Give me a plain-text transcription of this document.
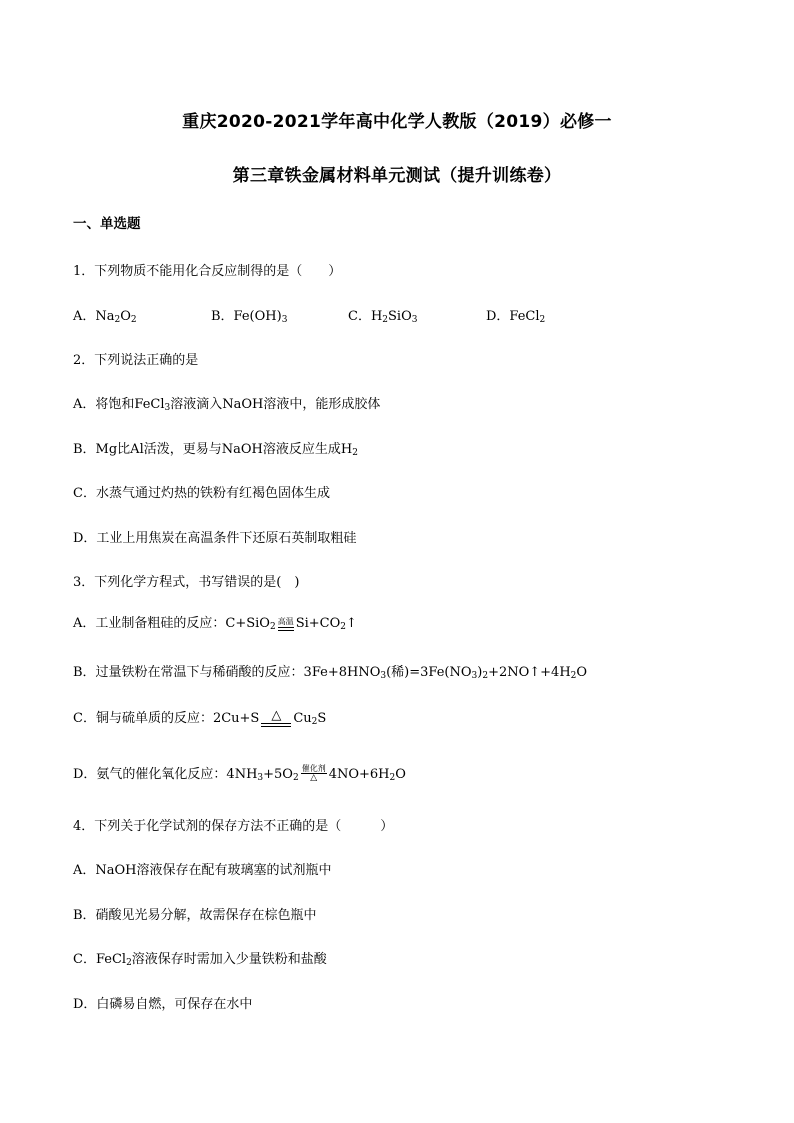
重庆2020-2021学年高中化学人教版（2019）必修一
第三章铁金属材料单元测试（提升训练卷）
一、单选题
1．下列物质不能用化合反应制得的是（　　）
A．$Na_2O_2$	B．$Fe(OH)_3$	C．$H_2SiO_3$	D．FeCl$_2$
2．下列说法正确的是
A．将饱和FeCl$_3$溶液滴入NaOH溶液中，能形成胶体
B．Mg比Al活泼，更易与NaOH溶液反应生成$H_2$
C．水蒸气通过灼热的铁粉有红褐色固体生成
D．工业上用焦炭在高温条件下还原石英制取粗硅
3．下列化学方程式，书写错误的是(　)
A．工业制备粗硅的反应：C+SiO$_2$
高温 $Si+CO_2↑$
B．过量铁粉在常温下与稀硝酸的反应：$3Fe+8HNO_3$(稀)$=3Fe(NO_3)_2+2NO↑+4H_2O$
C．铜与硫单质的反应：2Cu+S △ $Cu_2S$
D．氨气的催化氧化反应：$4NH_3+5O_2$
催化剂
△ $4NO+6H_2O$
4．下列关于化学试剂的保存方法不正确的是（　　　）
A．NaOH溶液保存在配有玻璃塞的试剂瓶中
B．硝酸见光易分解，故需保存在棕色瓶中
C．FeCl$_2$溶液保存时需加入少量铁粉和盐酸
D．白磷易自燃，可保存在水中
